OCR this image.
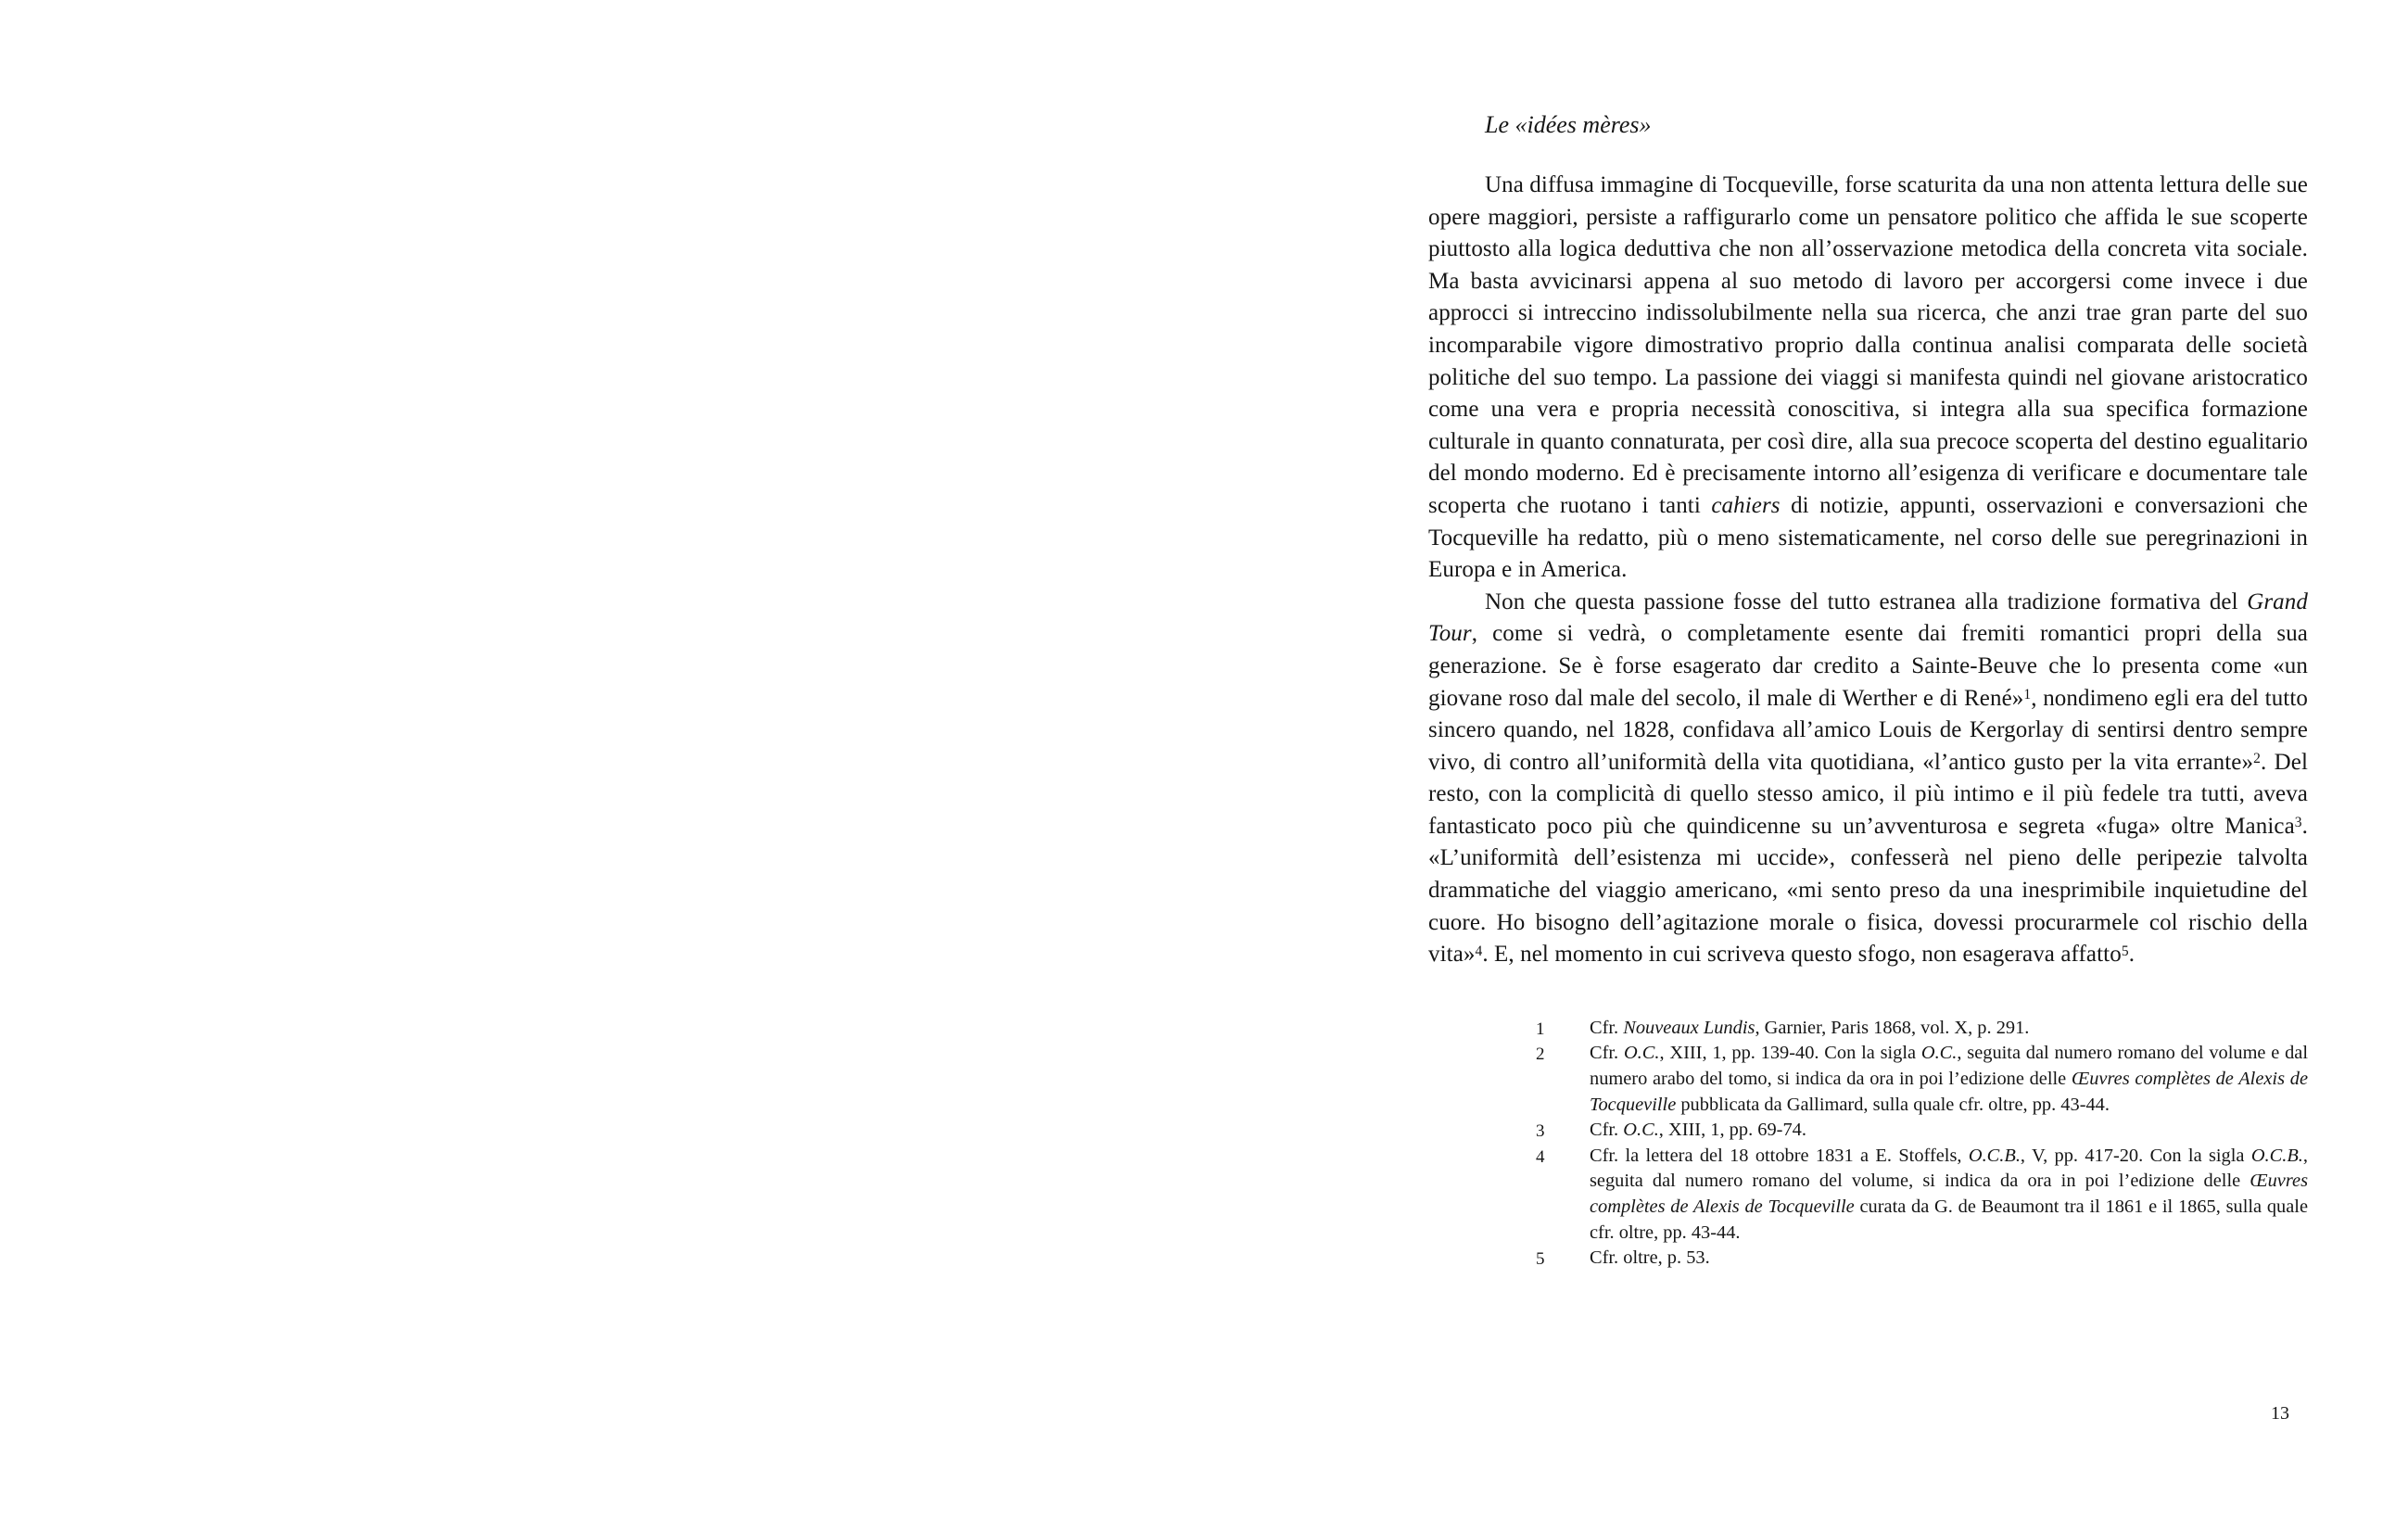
Le «idées mères»

Una diffusa immagine di Tocqueville, forse scaturita da una non attenta lettura delle sue opere maggiori, persiste a raffigurarlo come un pensatore politico che affida le sue scoperte piuttosto alla logica deduttiva che non all’osservazione metodica della concreta vita sociale. Ma basta avvicinarsi appena al suo metodo di lavoro per accorgersi come invece i due approcci si intreccino indissolubilmente nella sua ricerca, che anzi trae gran parte del suo incomparabile vigore dimostrativo proprio dalla continua analisi comparata delle società politiche del suo tempo. La passione dei viaggi si manifesta quindi nel giovane aristocratico come una vera e propria necessità conoscitiva, si integra alla sua specifica formazione culturale in quanto connaturata, per così dire, alla sua precoce scoperta del destino egualitario del mondo moderno. Ed è precisamente intorno all’esigenza di verificare e documentare tale scoperta che ruotano i tanti cahiers di notizie, appunti, osservazioni e conversazioni che Tocqueville ha redatto, più o meno sistematicamente, nel corso delle sue peregrinazioni in Europa e in America.

Non che questa passione fosse del tutto estranea alla tradizione formativa del Grand Tour, come si vedrà, o completamente esente dai fremiti romantici propri della sua generazione. Se è forse esagerato dar credito a Sainte-Beuve che lo presenta come «un giovane roso dal male del secolo, il male di Werther e di René»$^1$, nondimeno egli era del tutto sincero quando, nel 1828, confidava all’amico Louis de Kergorlay di sentirsi dentro sempre vivo, di contro all’uniformità della vita quotidiana, «l’antico gusto per la vita errante»$^2$. Del resto, con la complicità di quello stesso amico, il più intimo e il più fedele tra tutti, aveva fantasticato poco più che quindicenne su un’avventurosa e segreta «fuga» oltre Manica$^3$. «L’uniformità dell’esistenza mi uccide», confesserà nel pieno delle peripezie talvolta drammatiche del viaggio americano, «mi sento preso da una inesprimibile inquietudine del cuore. Ho bisogno dell’agitazione morale o fisica, dovessi procurarmele col rischio della vita»$^4$. E, nel momento in cui scriveva questo sfogo, non esagerava affatto$^5$.

1 Cfr. Nouveaux Lundis, Garnier, Paris 1868, vol. X, p. 291.
2 Cfr. O.C., XIII, 1, pp. 139-40. Con la sigla O.C., seguita dal numero romano del volume e dal numero arabo del tomo, si indica da ora in poi l’edizione delle Œuvres complètes de Alexis de Tocqueville pubblicata da Gallimard, sulla quale cfr. oltre, pp. 43-44.
3 Cfr. O.C., XIII, 1, pp. 69-74.
4 Cfr. la lettera del 18 ottobre 1831 a E. Stoffels, O.C.B., V, pp. 417-20. Con la sigla O.C.B., seguita dal numero romano del volume, si indica da ora in poi l’edizione delle Œuvres complètes de Alexis de Tocqueville curata da G. de Beaumont tra il 1861 e il 1865, sulla quale cfr. oltre, pp. 43-44.
5 Cfr. oltre, p. 53.
13
